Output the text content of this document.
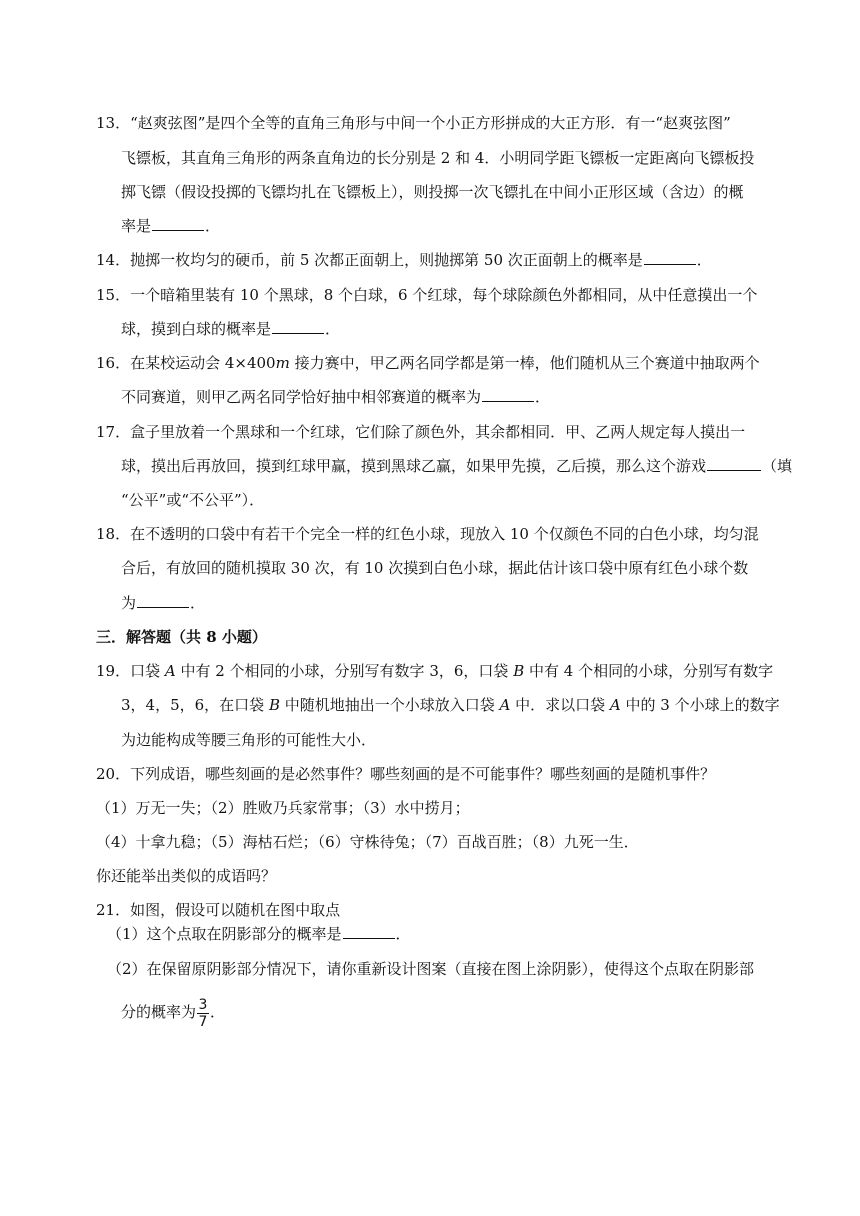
13．“赵爽弦图”是四个全等的直角三角形与中间一个小正方形拼成的大正方形．有一“赵爽弦图”
飞镖板，其直角三角形的两条直角边的长分别是 2 和 4．小明同学距飞镖板一定距离向飞镖板投
掷飞镖（假设投掷的飞镖均扎在飞镖板上），则投掷一次飞镖扎在中间小正形区域（含边）的概
率是	．
14．抛掷一枚均匀的硬币，前 5 次都正面朝上，则抛掷第 50 次正面朝上的概率是	．
15．一个暗箱里装有 10 个黑球，8 个白球，6 个红球，每个球除颜色外都相同，从中任意摸出一个
球，摸到白球的概率是	．
16．在某校运动会 4×400m 接力赛中，甲乙两名同学都是第一棒，他们随机从三个赛道中抽取两个
不同赛道，则甲乙两名同学恰好抽中相邻赛道的概率为	．
17．盒子里放着一个黑球和一个红球，它们除了颜色外，其余都相同．甲、乙两人规定每人摸出一
球，摸出后再放回，摸到红球甲赢，摸到黑球乙赢，如果甲先摸，乙后摸，那么这个游戏	（填
“公平”或“不公平”）．
18．在不透明的口袋中有若干个完全一样的红色小球，现放入 10 个仅颜色不同的白色小球，均匀混
合后，有放回的随机摸取 30 次，有 10 次摸到白色小球，据此估计该口袋中原有红色小球个数
为	．
三．解答题（共 8 小题）
19．口袋 A 中有 2 个相同的小球，分别写有数字 3，6，口袋 B 中有 4 个相同的小球，分别写有数字
3，4，5，6，在口袋 B 中随机地抽出一个小球放入口袋 A 中．求以口袋 A 中的 3 个小球上的数字
为边能构成等腰三角形的可能性大小．
20．下列成语，哪些刻画的是必然事件？哪些刻画的是不可能事件？哪些刻画的是随机事件？
（1）万无一失；（2）胜败乃兵家常事；（3）水中捞月；
（4）十拿九稳；（5）海枯石烂；（6）守株待兔；（7）百战百胜；（8）九死一生．
你还能举出类似的成语吗？
21．如图，假设可以随机在图中取点
（1）这个点取在阴影部分的概率是	．
（2）在保留原阴影部分情况下，请你重新设计图案（直接在图上涂阴影），使得这个点取在阴影部
分的概率为 $\frac{3}{7}$ ．
